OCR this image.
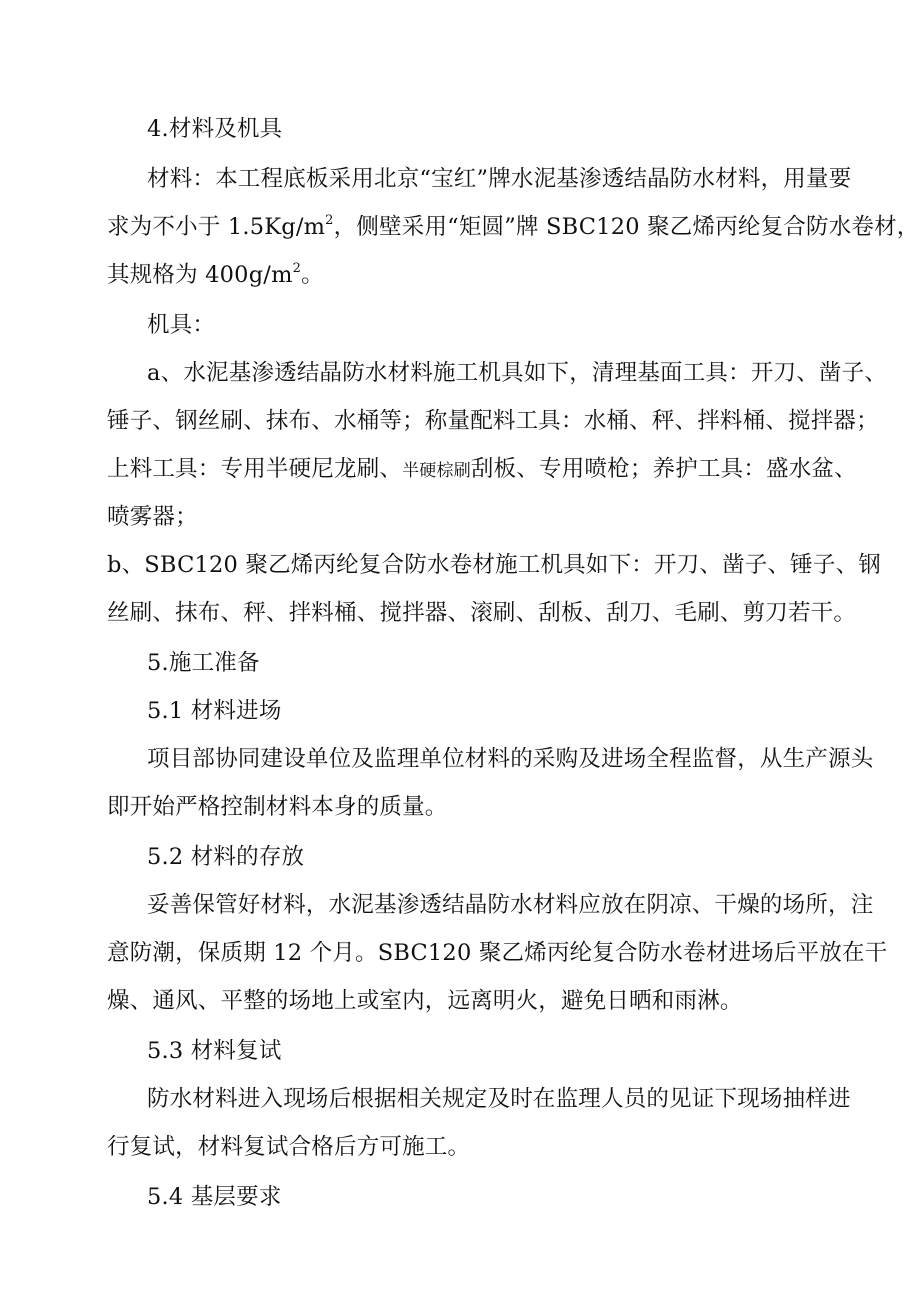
4.材料及机具
材料：本工程底板采用北京“宝红”牌水泥基渗透结晶防水材料，用量要
求为不小于 $1.5Kg/m^2$，侧壁采用“矩圆”牌 SBC120 聚乙烯丙纶复合防水卷材，
其规格为 $400g/m^2$。
机具：
a、水泥基渗透结晶防水材料施工机具如下，清理基面工具：开刀、凿子、
锤子、钢丝刷、抹布、水桶等；称量配料工具：水桶、秤、拌料桶、搅拌器；
上料工具：专用半硬尼龙刷、半硬棕刷刮板、专用喷枪；养护工具：盛水盆、
喷雾器；
b、SBC120 聚乙烯丙纶复合防水卷材施工机具如下：开刀、凿子、锤子、钢
丝刷、抹布、秤、拌料桶、搅拌器、滚刷、刮板、刮刀、毛刷、剪刀若干。
5.施工准备
5.1 材料进场
项目部协同建设单位及监理单位材料的采购及进场全程监督，从生产源头
即开始严格控制材料本身的质量。
5.2 材料的存放
妥善保管好材料，水泥基渗透结晶防水材料应放在阴凉、干燥的场所，注
意防潮，保质期 12 个月。SBC120 聚乙烯丙纶复合防水卷材进场后平放在干
燥、通风、平整的场地上或室内，远离明火，避免日晒和雨淋。
5.3 材料复试
防水材料进入现场后根据相关规定及时在监理人员的见证下现场抽样进
行复试，材料复试合格后方可施工。
5.4 基层要求
